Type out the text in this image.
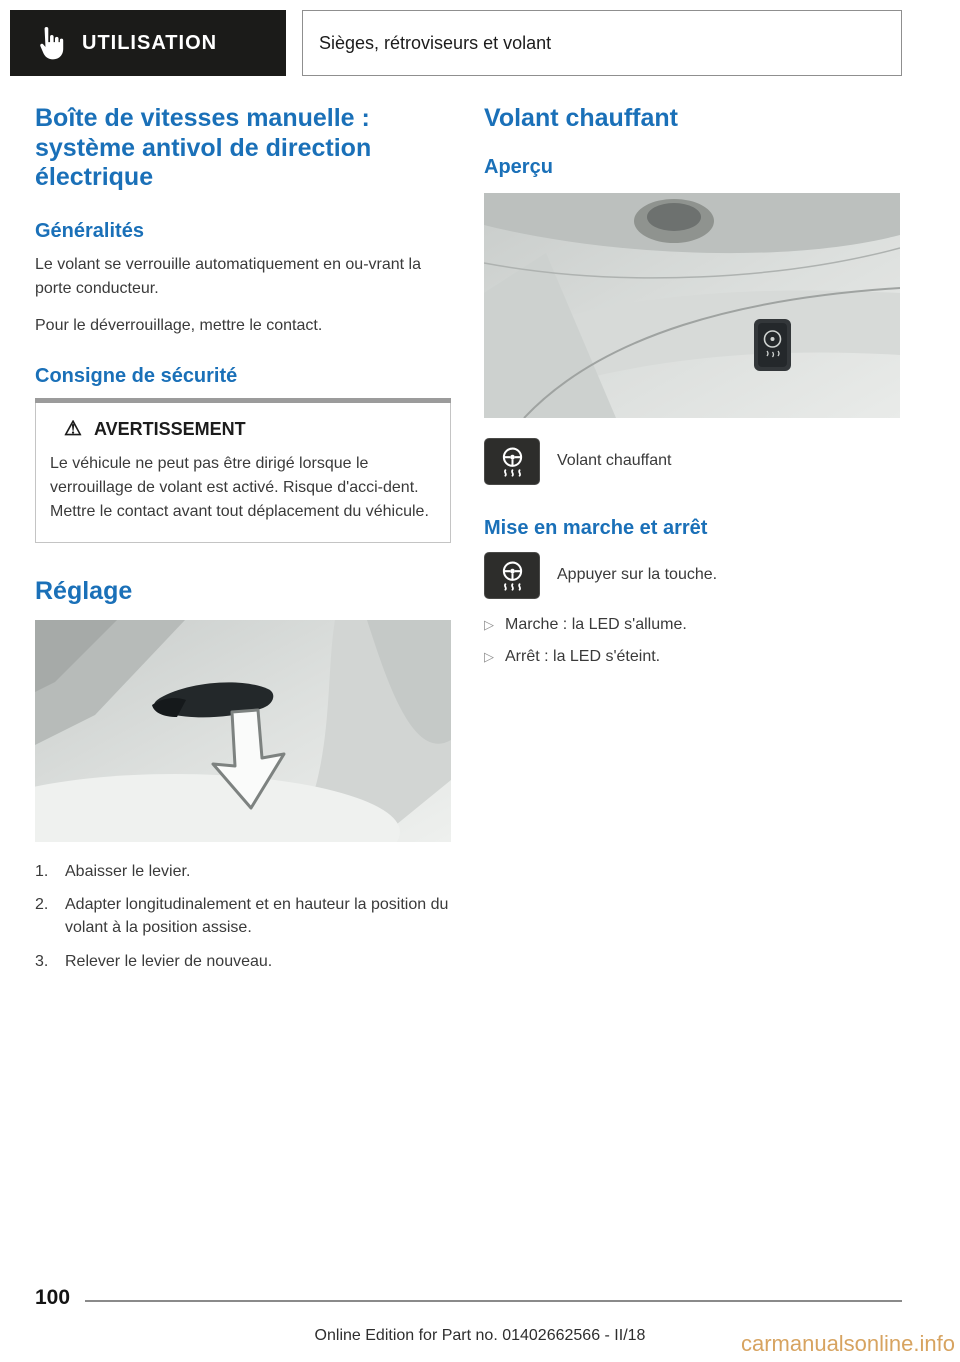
UTILISATION	Sièges, rétroviseurs et volant
Boîte de vitesses manuelle : système antivol de direction électrique
Généralités

Le volant se verrouille automatiquement en ou-vrant la porte conducteur.

Pour le déverrouillage, mettre le contact.

Consigne de sécurité
⚠ AVERTISSEMENT
Le véhicule ne peut pas être dirigé lorsque le verrouillage de volant est activé. Risque d'acci-dent. Mettre le contact avant tout déplacement du véhicule.
Réglage
1.	Abaisser le levier.
2.	Adapter longitudinalement et en hauteur la position du volant à la position assise.
3.	Relever le levier de nouveau.
Volant chauffant
Aperçu
Volant chauffant
Mise en marche et arrêt
Appuyer sur la touche.
▷ Marche : la LED s'allume.
▷ Arrêt : la LED s'éteint.
100
Online Edition for Part no. 01402662566 - II/18	carmanualsonline.info
